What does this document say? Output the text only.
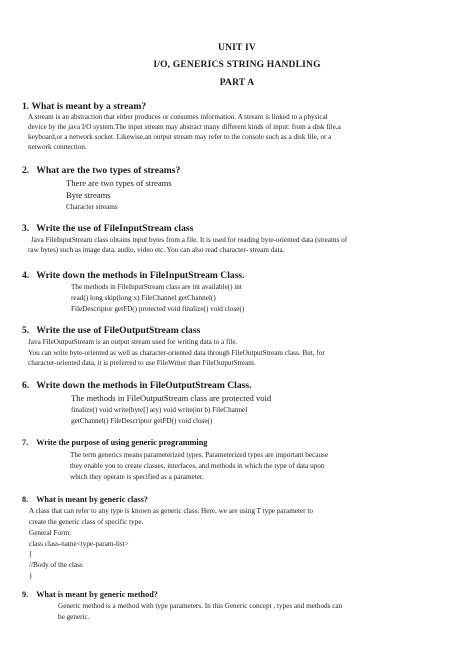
UNIT IV
I/O, GENERICS STRING HANDLING
PART A
1. What is meant by a stream?
A stream is an abstraction that either produces or consumes information. A stream is linked to a physical
device by the java I/O system.The input stream may abstract many different kinds of input: from a disk file,a
keyboard,or a network socket. Likewise,an output stream may refer to the console such as a disk file, or a
network connection.
2. What are the two types of streams?
There are two types of streams
Byte streams
Character streams
3. Write the use of FileInputStream class
Java FileInputStream class obtains input bytes from a file. It is used for reading byte-oriented data (streams of
raw bytes) such as image data, audio, video etc. You can also read character- stream data.
4. Write down the methods in FileInputStream Class.
The methods in FileInputStream class are int available() int
read() long skip(long x) FileChannel getChannel()
FileDescriptor getFD() protected void finalize() void close()
5. Write the use of FileOutputStream class
Java FileOutputStream is an output stream used for writing data to a file.
You can write byte-oriented as well as character-oriented data through FileOutputStream class. But, for
character-oriented data, it is preferred to use FileWriter than FileOutputStream.
6. Write down the methods in FileOutputStream Class.
The methods in FileOutputStream class are protected void
finalize() void write(byte[] ary) void write(int b) FileChannel
getChannel() FileDescriptor getFD() void close()
7. Write the purpose of using generic programming
The term generics means parameterized types. Parameterized types are important because
they enable you to create classes, interfaces, and methods in which the type of data upon
which they operate is specified as a parameter.
8. What is meant by generic class?
A class that can refer to any type is known as generic class. Here, we are using T type parameter to
create the generic class of specific type.
General Form:
class class-name<type-param-list>
{
//Body of the class
}
9. What is meant by generic method?
Generic method is a method with type parameters. In this Generic concept , types and methods can
be generic.
